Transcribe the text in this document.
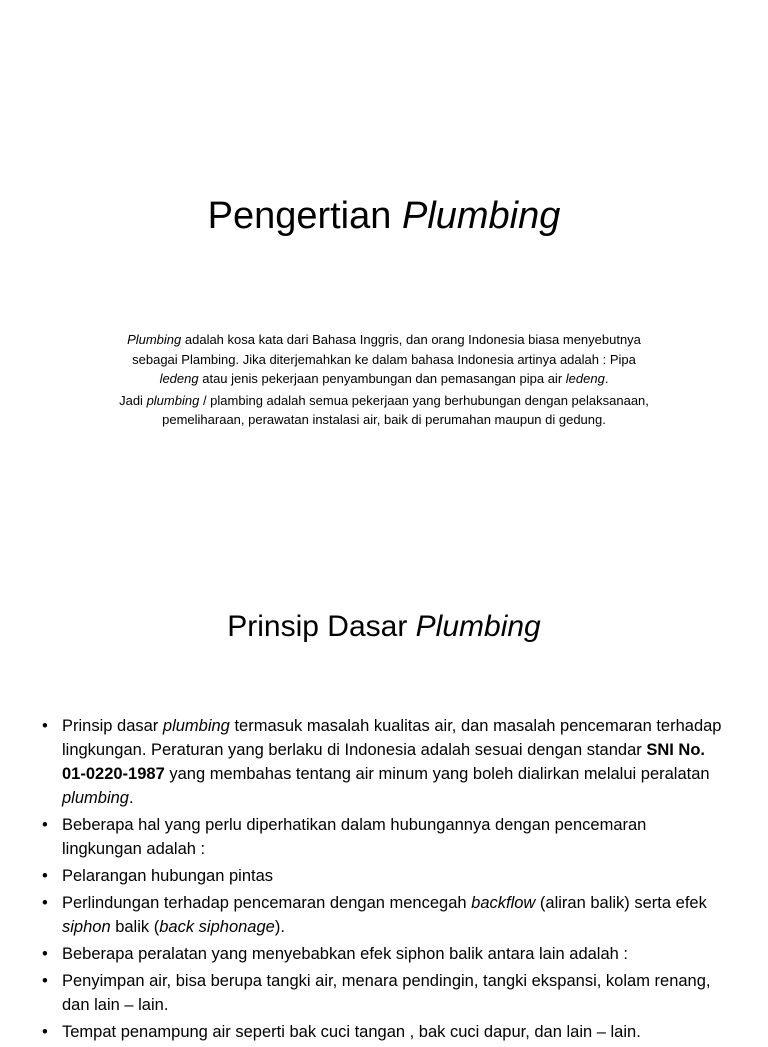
Pengertian Plumbing

Plumbing adalah kosa kata dari Bahasa Inggris, dan orang Indonesia biasa menyebutnya sebagai Plambing. Jika diterjemahkan ke dalam bahasa Indonesia artinya adalah : Pipa ledeng atau jenis pekerjaan penyambungan dan pemasangan pipa air ledeng.

Jadi plumbing / plambing adalah semua pekerjaan yang berhubungan dengan pelaksanaan, pemeliharaan, perawatan instalasi air, baik di perumahan maupun di gedung.

Prinsip Dasar Plumbing
• Prinsip dasar plumbing termasuk masalah kualitas air, dan masalah pencemaran terhadap lingkungan. Peraturan yang berlaku di Indonesia adalah sesuai dengan standar SNI No. 01-0220-1987 yang membahas tentang air minum yang boleh dialirkan melalui peralatan plumbing.
• Beberapa hal yang perlu diperhatikan dalam hubungannya dengan pencemaran lingkungan adalah :
• Pelarangan hubungan pintas
• Perlindungan terhadap pencemaran dengan mencegah backflow (aliran balik) serta efek siphon balik (back siphonage).
• Beberapa peralatan yang menyebabkan efek siphon balik antara lain adalah :
• Penyimpan air, bisa berupa tangki air, menara pendingin, tangki ekspansi, kolam renang, dan lain – lain.
• Tempat penampung air seperti bak cuci tangan , bak cuci dapur, dan lain – lain.
